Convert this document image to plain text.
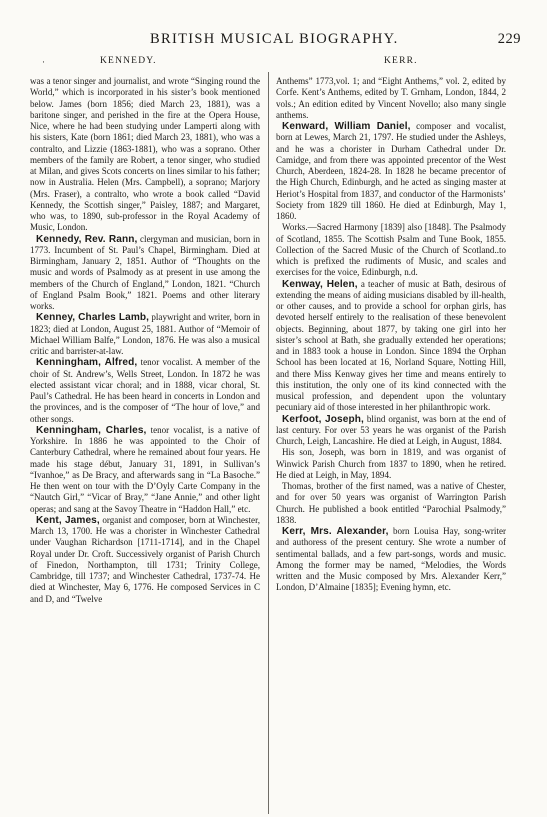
·
BRITISH MUSICAL BIOGRAPHY.	229
KENNEDY.	KERR.

was a tenor singer and journalist, and wrote “Singing round the World,” which is incorporated in his sister’s book mentioned below. James (born 1856; died March 23, 1881), was a baritone singer, and perished in the fire at the Opera House, Nice, where he had been studying under Lamperti along with his sisters, Kate (born 1861; died March 23, 1881), who was a contralto, and Lizzie (1863-1881), who was a soprano. Other members of the family are Robert, a tenor singer, who studied at Milan, and gives Scots concerts on lines similar to his father; now in Australia. Helen (Mrs. Campbell), a soprano; Marjory (Mrs. Fraser), a contralto, who wrote a book called “David Kennedy, the Scottish singer,” Paisley, 1887; and Margaret, who was, to 1890, sub-professor in the Royal Academy of Music, London.

Kennedy, Rev. Rann, clergyman and musician, born in 1773. Incumbent of St. Paul’s Chapel, Birmingham. Died at Birmingham, January 2, 1851. Author of “Thoughts on the music and words of Psalmody as at present in use among the members of the Church of England,” London, 1821. “Church of England Psalm Book,” 1821. Poems and other literary works.

Kenney, Charles Lamb, playwright and writer, born in 1823; died at London, August 25, 1881. Author of “Memoir of Michael William Balfe,” London, 1876. He was also a musical critic and barrister-at-law.

Kenningham, Alfred, tenor vocalist. A member of the choir of St. Andrew’s, Wells Street, London. In 1872 he was elected assistant vicar choral; and in 1888, vicar choral, St. Paul’s Cathedral. He has been heard in concerts in London and the provinces, and is the composer of “The hour of love,” and other songs.

Kenningham, Charles, tenor vocalist, is a native of Yorkshire. In 1886 he was appointed to the Choir of Canterbury Cathedral, where he remained about four years. He made his stage début, January 31, 1891, in Sullivan’s “Ivanhoe,” as De Bracy, and afterwards sang in “La Basoche.” He then went on tour with the D’Oyly Carte Company in the “Nautch Girl,” “Vicar of Bray,” “Jane Annie,” and other light operas; and sang at the Savoy Theatre in “Haddon Hall,” etc.

Kent, James, organist and composer, born at Winchester, March 13, 1700. He was a chorister in Winchester Cathedral under Vaughan Richardson [1711-1714], and in the Chapel Royal under Dr. Croft. Successively organist of Parish Church of Finedon, Northampton, till 1731; Trinity College, Cambridge, till 1737; and Winchester Cathedral, 1737-74. He died at Winchester, May 6, 1776. He composed Services in C and D, and “Twelve

Anthems” 1773,vol. 1; and “Eight Anthems,” vol. 2, edited by Corfe. Kent’s Anthems, edited by T. Grnham, London, 1844, 2 vols.; An edition edited by Vincent Novello; also many single anthems.

Kenward, William Daniel, composer and vocalist, born at Lewes, March 21, 1797. He studied under the Ashleys, and he was a chorister in Durham Cathedral under Dr. Camidge, and from there was appointed precentor of the West Church, Aberdeen, 1824-28. In 1828 he became precentor of the High Church, Edinburgh, and he acted as singing master at Heriot’s Hospital from 1837, and conductor of the Harmonists’ Society from 1829 till 1860. He died at Edinburgh, May 1, 1860.

Works.—Sacred Harmony [1839] also [1848]. The Psalmody of Scotland, 1855. The Scottish Psalm and Tune Book, 1855. Collection of the Sacred Music of the Church of Scotland..to which is prefixed the rudiments of Music, and scales and exercises for the voice, Edinburgh, n.d.

Kenway, Helen, a teacher of music at Bath, desirous of extending the means of aiding musicians disabled by ill-health, or other causes, and to provide a school for orphan girls, has devoted herself entirely to the realisation of these benevolent objects. Beginning, about 1877, by taking one girl into her sister’s school at Bath, she gradually extended her operations; and in 1883 took a house in London. Since 1894 the Orphan School has been located at 16, Norland Square, Notting Hill, and there Miss Kenway gives her time and means entirely to this institution, the only one of its kind connected with the musical profession, and dependent upon the voluntary pecuniary aid of those interested in her philanthropic work.

Kerfoot, Joseph, blind organist, was born at the end of last century. For over 53 years he was organist of the Parish Church, Leigh, Lancashire. He died at Leigh, in August, 1884.

His son, Joseph, was born in 1819, and was organist of Winwick Parish Church from 1837 to 1890, when he retired. He died at Leigh, in May, 1894.

Thomas, brother of the first named, was a native of Chester, and for over 50 years was organist of Warrington Parish Church. He published a book entitled “Parochial Psalmody,” 1838.

Kerr, Mrs. Alexander, born Louisa Hay, song-writer and authoress of the present century. She wrote a number of sentimental ballads, and a few part-songs, words and music. Among the former may be named, “Melodies, the Words written and the Music composed by Mrs. Alexander Kerr,” London, D’Almaine [1835]; Evening hymn, etc.
